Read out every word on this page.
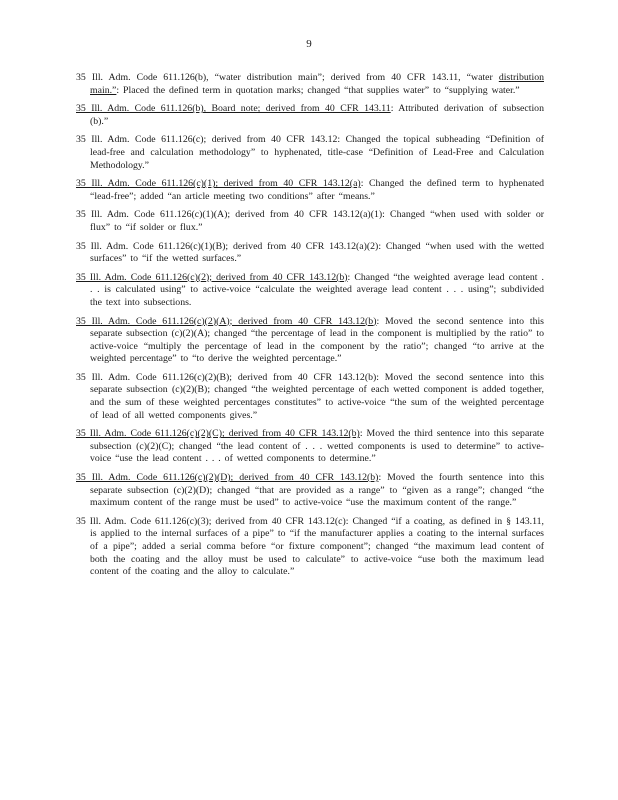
9

35 Ill. Adm. Code 611.126(b), “water distribution main”; derived from 40 CFR 143.11, “water distribution main.”: Placed the defined term in quotation marks; changed “that supplies water” to “supplying water.”

35 Ill. Adm. Code 611.126(b), Board note; derived from 40 CFR 143.11: Attributed derivation of subsection (b).”

35 Ill. Adm. Code 611.126(c); derived from 40 CFR 143.12: Changed the topical subheading “Definition of lead-free and calculation methodology” to hyphenated, title-case “Definition of Lead-Free and Calculation Methodology.”

35 Ill. Adm. Code 611.126(c)(1); derived from 40 CFR 143.12(a): Changed the defined term to hyphenated “lead-free”; added “an article meeting two conditions” after “means.”

35 Ill. Adm. Code 611.126(c)(1)(A); derived from 40 CFR 143.12(a)(1): Changed “when used with solder or flux” to “if solder or flux.”

35 Ill. Adm. Code 611.126(c)(1)(B); derived from 40 CFR 143.12(a)(2): Changed “when used with the wetted surfaces” to “if the wetted surfaces.”

35 Ill. Adm. Code 611.126(c)(2); derived from 40 CFR 143.12(b): Changed “the weighted average lead content . . . is calculated using” to active-voice “calculate the weighted average lead content . . . using”; subdivided the text into subsections.

35 Ill. Adm. Code 611.126(c)(2)(A); derived from 40 CFR 143.12(b): Moved the second sentence into this separate subsection (c)(2)(A); changed “the percentage of lead in the component is multiplied by the ratio” to active-voice “multiply the percentage of lead in the component by the ratio”; changed “to arrive at the weighted percentage” to “to derive the weighted percentage.”

35 Ill. Adm. Code 611.126(c)(2)(B); derived from 40 CFR 143.12(b): Moved the second sentence into this separate subsection (c)(2)(B); changed “the weighted percentage of each wetted component is added together, and the sum of these weighted percentages constitutes” to active-voice “the sum of the weighted percentage of lead of all wetted components gives.”

35 Ill. Adm. Code 611.126(c)(2)(C); derived from 40 CFR 143.12(b): Moved the third sentence into this separate subsection (c)(2)(C); changed “the lead content of . . . wetted components is used to determine” to active-voice “use the lead content . . . of wetted components to determine.”

35 Ill. Adm. Code 611.126(c)(2)(D); derived from 40 CFR 143.12(b): Moved the fourth sentence into this separate subsection (c)(2)(D); changed “that are provided as a range” to “given as a range”; changed “the maximum content of the range must be used” to active-voice “use the maximum content of the range.”

35 Ill. Adm. Code 611.126(c)(3); derived from 40 CFR 143.12(c): Changed “if a coating, as defined in § 143.11, is applied to the internal surfaces of a pipe” to “if the manufacturer applies a coating to the internal surfaces of a pipe”; added a serial comma before “or fixture component”; changed “the maximum lead content of both the coating and the alloy must be used to calculate” to active-voice “use both the maximum lead content of the coating and the alloy to calculate.”
